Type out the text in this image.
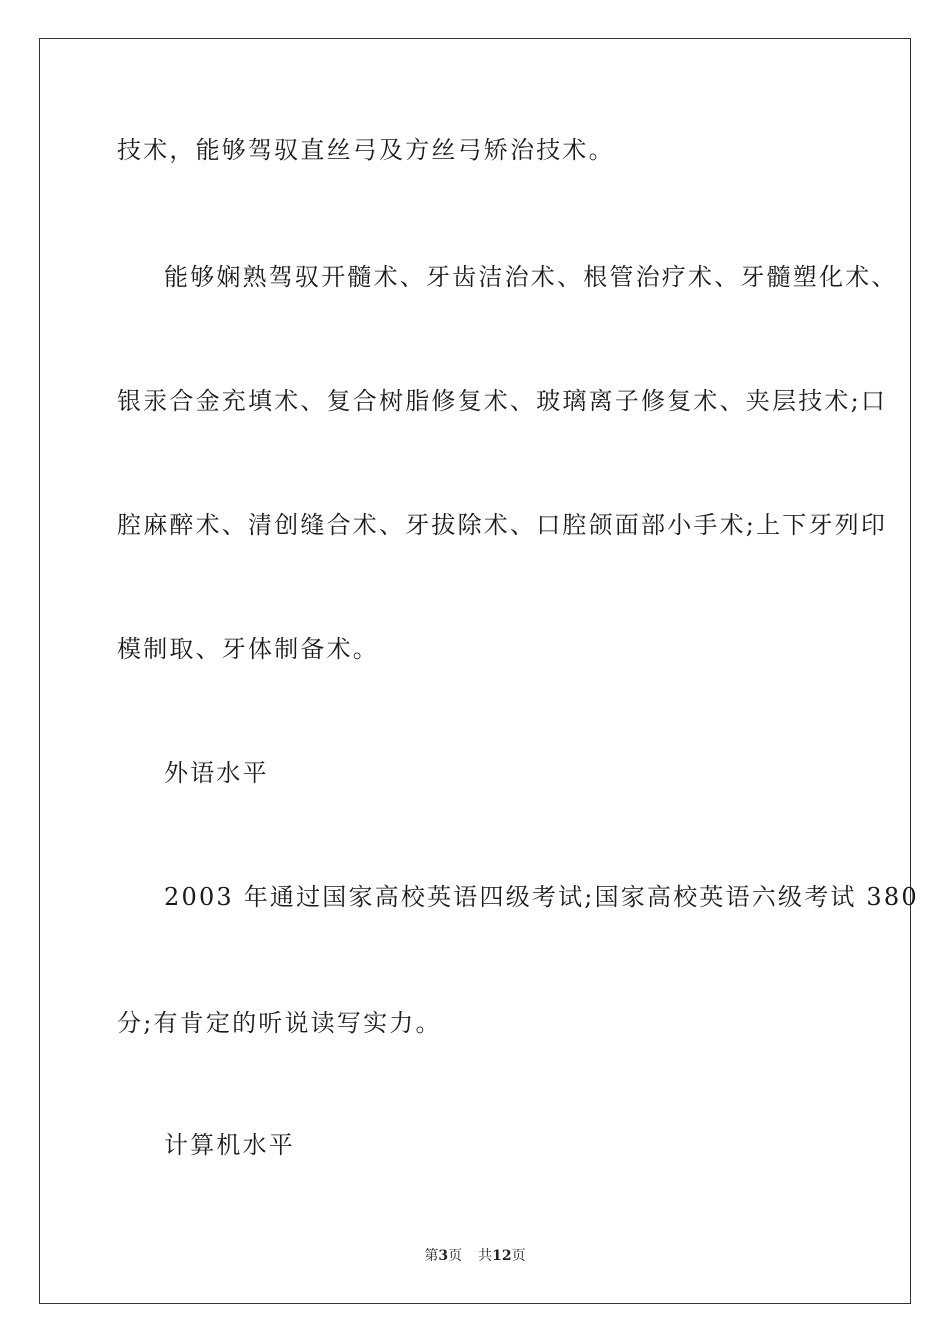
技术，能够驾驭直丝弓及方丝弓矫治技术。
能够娴熟驾驭开髓术、牙齿洁治术、根管治疗术、牙髓塑化术、
银汞合金充填术、复合树脂修复术、玻璃离子修复术、夹层技术;口
腔麻醉术、清创缝合术、牙拔除术、口腔颌面部小手术;上下牙列印
模制取、牙体制备术。
外语水平
2003 年通过国家高校英语四级考试;国家高校英语六级考试 380
分;有肯定的听说读写实力。
计算机水平
第3页 共12页
